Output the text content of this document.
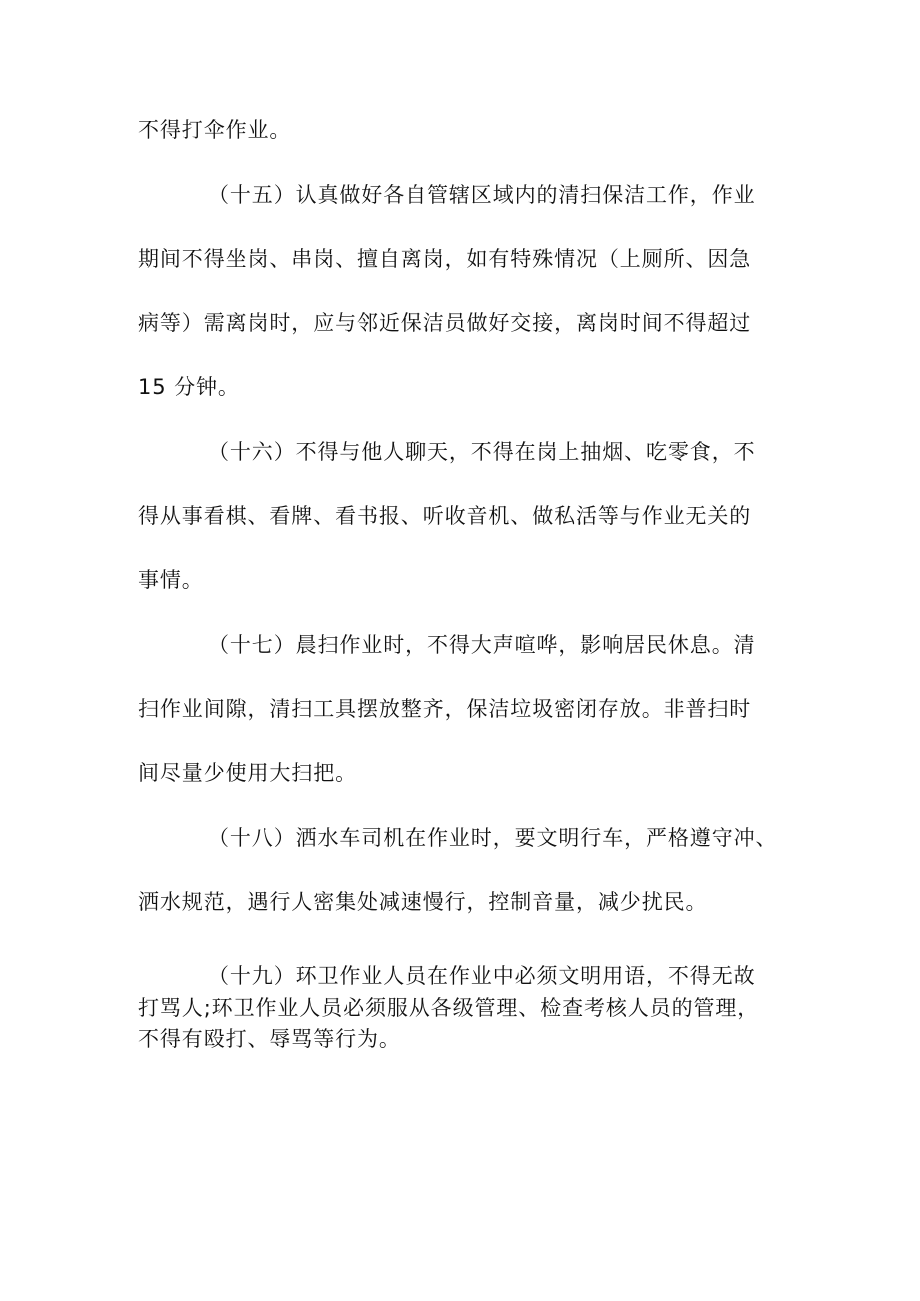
不得打伞作业。
（十五）认真做好各自管辖区域内的清扫保洁工作，作业
期间不得坐岗、串岗、擅自离岗，如有特殊情况（上厕所、因急
病等）需离岗时，应与邻近保洁员做好交接，离岗时间不得超过
15 分钟。
（十六）不得与他人聊天，不得在岗上抽烟、吃零食，不
得从事看棋、看牌、看书报、听收音机、做私活等与作业无关的
事情。
（十七）晨扫作业时，不得大声喧哗，影响居民休息。清
扫作业间隙，清扫工具摆放整齐，保洁垃圾密闭存放。非普扫时
间尽量少使用大扫把。
（十八）洒水车司机在作业时，要文明行车，严格遵守冲、
洒水规范，遇行人密集处减速慢行，控制音量，减少扰民。
（十九）环卫作业人员在作业中必须文明用语，不得无故
打骂人;环卫作业人员必须服从各级管理、检查考核人员的管理，
不得有殴打、辱骂等行为。
